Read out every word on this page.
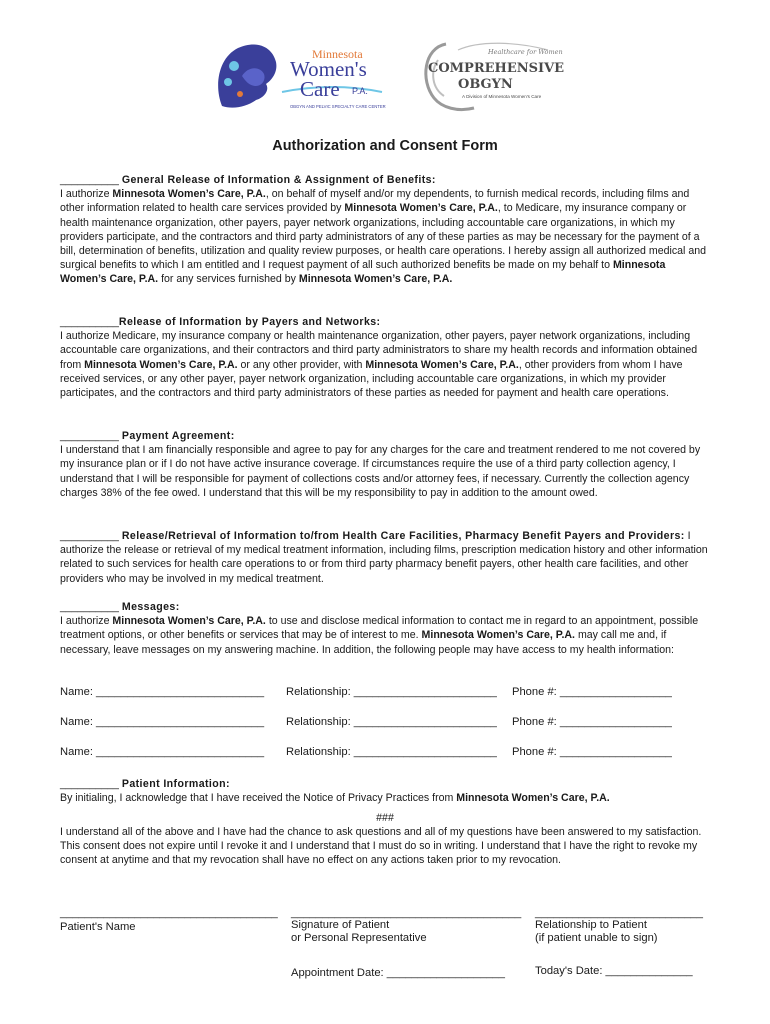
Minnesota
Women's
Care P.A.
OBGYN AND PELVIC SPECIALTY CARE CENTER
Healthcare for Women
COMPREHENSIVE
OBGYN
A Division of Minnesota Women's Care
Authorization and Consent Form

__________ General Release of Information & Assignment of Benefits:

I authorize Minnesota Women’s Care, P.A., on behalf of myself and/or my dependents, to furnish medical records, including films and other information related to health care services provided by Minnesota Women’s Care, P.A., to Medicare, my insurance company or health maintenance organization, other payers, payer network organizations, including accountable care organizations, in which my providers participate, and the contractors and third party administrators of any of these parties as may be necessary for the payment of a bill, determination of benefits, utilization and quality review purposes, or health care operations. I hereby assign all authorized medical and surgical benefits to which I am entitled and I request payment of all such authorized benefits be made on my behalf to Minnesota Women’s Care, P.A. for any services furnished by Minnesota Women’s Care, P.A.

__________Release of Information by Payers and Networks:

I authorize Medicare, my insurance company or health maintenance organization, other payers, payer network organizations, including accountable care organizations, and their contractors and third party administrators to share my health records and information obtained from Minnesota Women’s Care, P.A. or any other provider, with Minnesota Women’s Care, P.A., other providers from whom I have received services, or any other payer, payer network organization, including accountable care organizations, in which my provider participates, and the contractors and third party administrators of these parties as needed for payment and health care operations.

__________ Payment Agreement:

I understand that I am financially responsible and agree to pay for any charges for the care and treatment rendered to me not covered by my insurance plan or if I do not have active insurance coverage. If circumstances require the use of a third party collection agency, I understand that I will be responsible for payment of collections costs and/or attorney fees, if necessary. Currently the collection agency charges 38% of the fee owed. I understand that this will be my responsibility to pay in addition to the amount owed.

__________ Release/Retrieval of Information to/from Health Care Facilities, Pharmacy Benefit Payers and Providers: I authorize the release or retrieval of my medical treatment information, including films, prescription medication history and other information related to such services for health care operations to or from third party pharmacy benefit payers, other health care facilities, and other providers who may be involved in my medical treatment.

__________ Messages:

I authorize Minnesota Women’s Care, P.A. to use and disclose medical information to contact me in regard to an appointment, possible treatment options, or other benefits or services that may be of interest to me. Minnesota Women’s Care, P.A. may call me and, if necessary, leave messages on my answering machine. In addition, the following people may have access to my health information:

Name: ___________________________ Relationship: _______________________ Phone #: __________________
Name: ___________________________ Relationship: _______________________ Phone #: __________________
Name: ___________________________ Relationship: _______________________ Phone #: __________________

__________ Patient Information:

By initialing, I acknowledge that I have received the Notice of Privacy Practices from Minnesota Women’s Care, P.A.

###

I understand all of the above and I have had the chance to ask questions and all of my questions have been answered to my satisfaction. This consent does not expire until I revoke it and I understand that I must do so in writing. I understand that I have the right to revoke my consent at anytime and that my revocation shall have no effect on any actions taken prior to my revocation.

___________________________________ _____________________________________ ___________________________
Patient's Name	Signature of Patient
or Personal Representative
Relationship to Patient
(if patient unable to sign)
Appointment Date: ___________________	Today's Date: ______________
